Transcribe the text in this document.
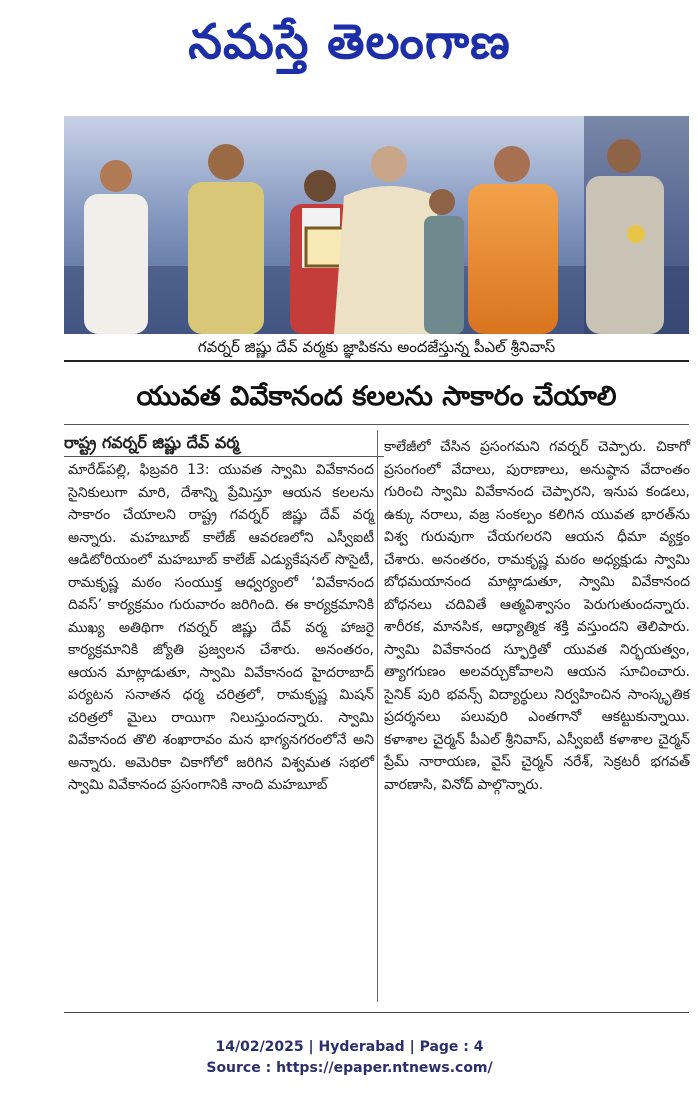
నమస్తే తెలంగాణ
గవర్నర్ జిష్ణు దేవ్ వర్మకు జ్ఞాపికను అందజేస్తున్న పీఎల్ శ్రీనివాస్
యువత వివేకానంద కలలను సాకారం చేయాలి
రాష్ట్ర గవర్నర్ జిష్ణు దేవ్ వర్మ
మారేడ్‌పల్లి, ఫిబ్రవరి 13: యువత స్వామి వివేకానంద సైనికులుగా మారి, దేశాన్ని ప్రేమిస్తూ ఆయన కలలను సాకారం చేయాలని రాష్ట్ర గవర్నర్ జిష్ణు దేవ్ వర్మ అన్నారు. మహబూబ్ కాలేజ్ ఆవరణలోని ఎస్వీఐటీ ఆడిటోరియంలో మహబూబ్ కాలేజ్ ఎడ్యుకేషనల్ సొసైటీ, రామకృష్ణ మఠం సంయుక్త ఆధ్వర్యంలో ‘వివేకానంద దివస్’ కార్యక్రమం గురువారం జరిగింది. ఈ కార్యక్రమానికి ముఖ్య అతిథిగా గవర్నర్ జిష్ణు దేవ్ వర్మ హాజరై కార్యక్రమానికి జ్యోతి ప్రజ్వలన చేశారు. అనంతరం, ఆయన మాట్లాడుతూ, స్వామి వివేకానంద హైదరాబాద్ పర్యటన సనాతన ధర్మ చరిత్రలో, రామకృష్ణ మిషన్ చరిత్రలో మైలు రాయిగా నిలుస్తుందన్నారు. స్వామి వివేకానంద తొలి శంఖారావం మన భాగ్యనగరంలోనే అని అన్నారు. అమెరికా చికాగోలో జరిగిన విశ్వమత సభలో స్వామి వివేకానంద ప్రసంగానికి నాంది మహబూబ్
కాలేజీలో చేసిన ప్రసంగమని గవర్నర్ చెప్పారు. చికాగో ప్రసంగంలో వేదాలు, పురాణాలు, అనుష్ఠాన వేదాంతం గురించి స్వామి వివేకానంద చెప్పారని, ఇనుప కండలు, ఉక్కు నరాలు, వజ్ర సంకల్పం కలిగిన యువత భారత్‌ను విశ్వ గురువుగా చేయగలరని ఆయన ధీమా వ్యక్తం చేశారు. అనంతరం, రామకృష్ణ మఠం అధ్యక్షుడు స్వామి బోధమయానంద మాట్లాడుతూ, స్వామి వివేకానంద బోధనలు చదివితే ఆత్మవిశ్వాసం పెరుగుతుందన్నారు. శారీరక, మానసిక, ఆధ్యాత్మిక శక్తి వస్తుందని తెలిపారు. స్వామి వివేకానంద స్ఫూర్తితో యువత నిర్భయత్వం, త్యాగగుణం అలవర్చుకోవాలని ఆయన సూచించారు. సైనిక్‌ పురి భవన్స్ విద్యార్థులు నిర్వహించిన సాంస్కృతిక ప్రదర్శనలు పలువురి ఎంతగానో ఆకట్టుకున్నాయి. కళాశాల చైర్మన్ పీఎల్ శ్రీనివాస్, ఎస్వీఐటీ కళాశాల చైర్మన్ ప్రేమ్ నారాయణ, వైస్ చైర్మన్ నరేశ్, సెక్రటరీ భగవత్ వారణాసి, వినోద్ పాల్గొన్నారు.
14/02/2025 | Hyderabad | Page : 4
Source : https://epaper.ntnews.com/
